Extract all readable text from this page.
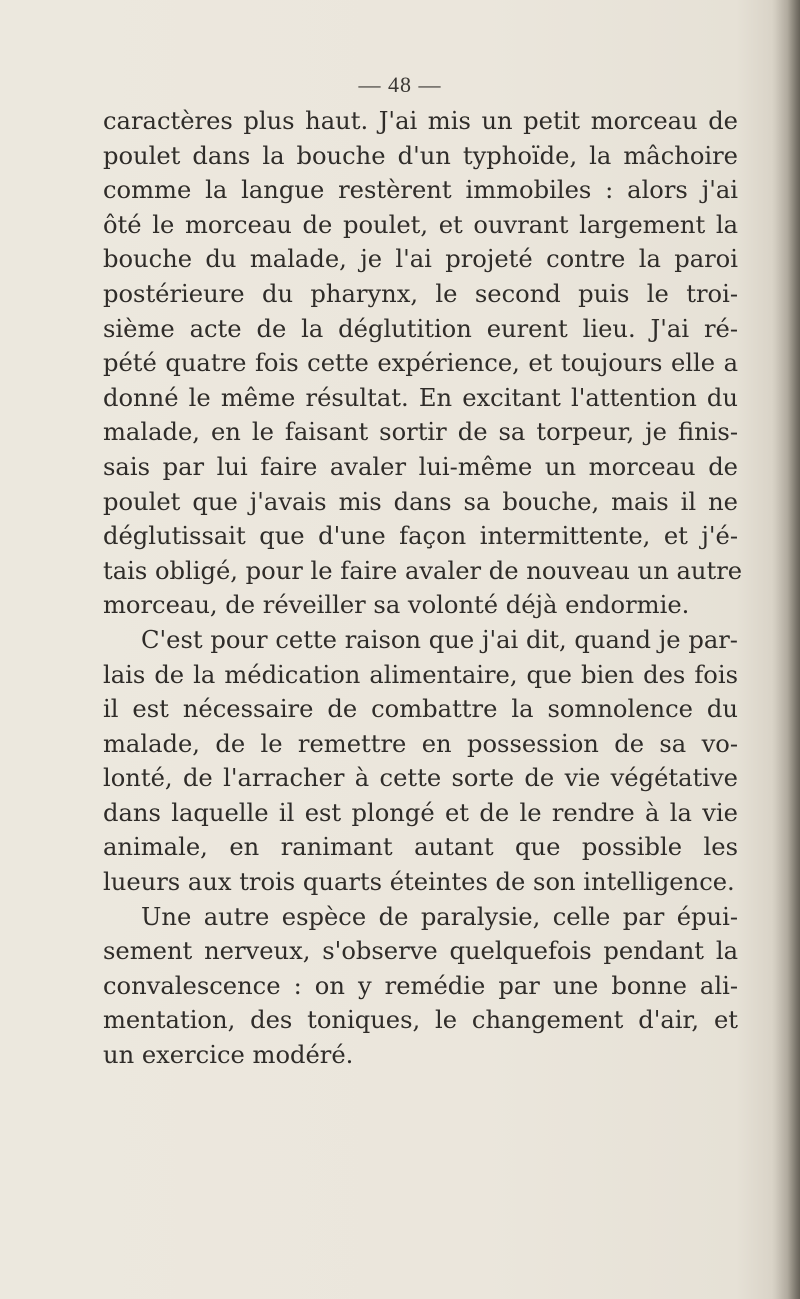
— 48 —
caractères plus haut. J'ai mis un petit morceau de
poulet dans la bouche d'un typhoïde, la mâchoire
comme la langue restèrent immobiles : alors j'ai
ôté le morceau de poulet, et ouvrant largement la
bouche du malade, je l'ai projeté contre la paroi
postérieure du pharynx, le second puis le troi-
sième acte de la déglutition eurent lieu. J'ai ré-
pété quatre fois cette expérience, et toujours elle a
donné le même résultat. En excitant l'attention du
malade, en le faisant sortir de sa torpeur, je finis-
sais par lui faire avaler lui-même un morceau de
poulet que j'avais mis dans sa bouche, mais il ne
déglutissait que d'une façon intermittente, et j'é-
tais obligé, pour le faire avaler de nouveau un autre
morceau, de réveiller sa volonté déjà endormie.
C'est pour cette raison que j'ai dit, quand je par-
lais de la médication alimentaire, que bien des fois
il est nécessaire de combattre la somnolence du
malade, de le remettre en possession de sa vo-
lonté, de l'arracher à cette sorte de vie végétative
dans laquelle il est plongé et de le rendre à la vie
animale, en ranimant autant que possible les
lueurs aux trois quarts éteintes de son intelligence.
Une autre espèce de paralysie, celle par épui-
sement nerveux, s'observe quelquefois pendant la
convalescence : on y remédie par une bonne ali-
mentation, des toniques, le changement d'air, et
un exercice modéré.
